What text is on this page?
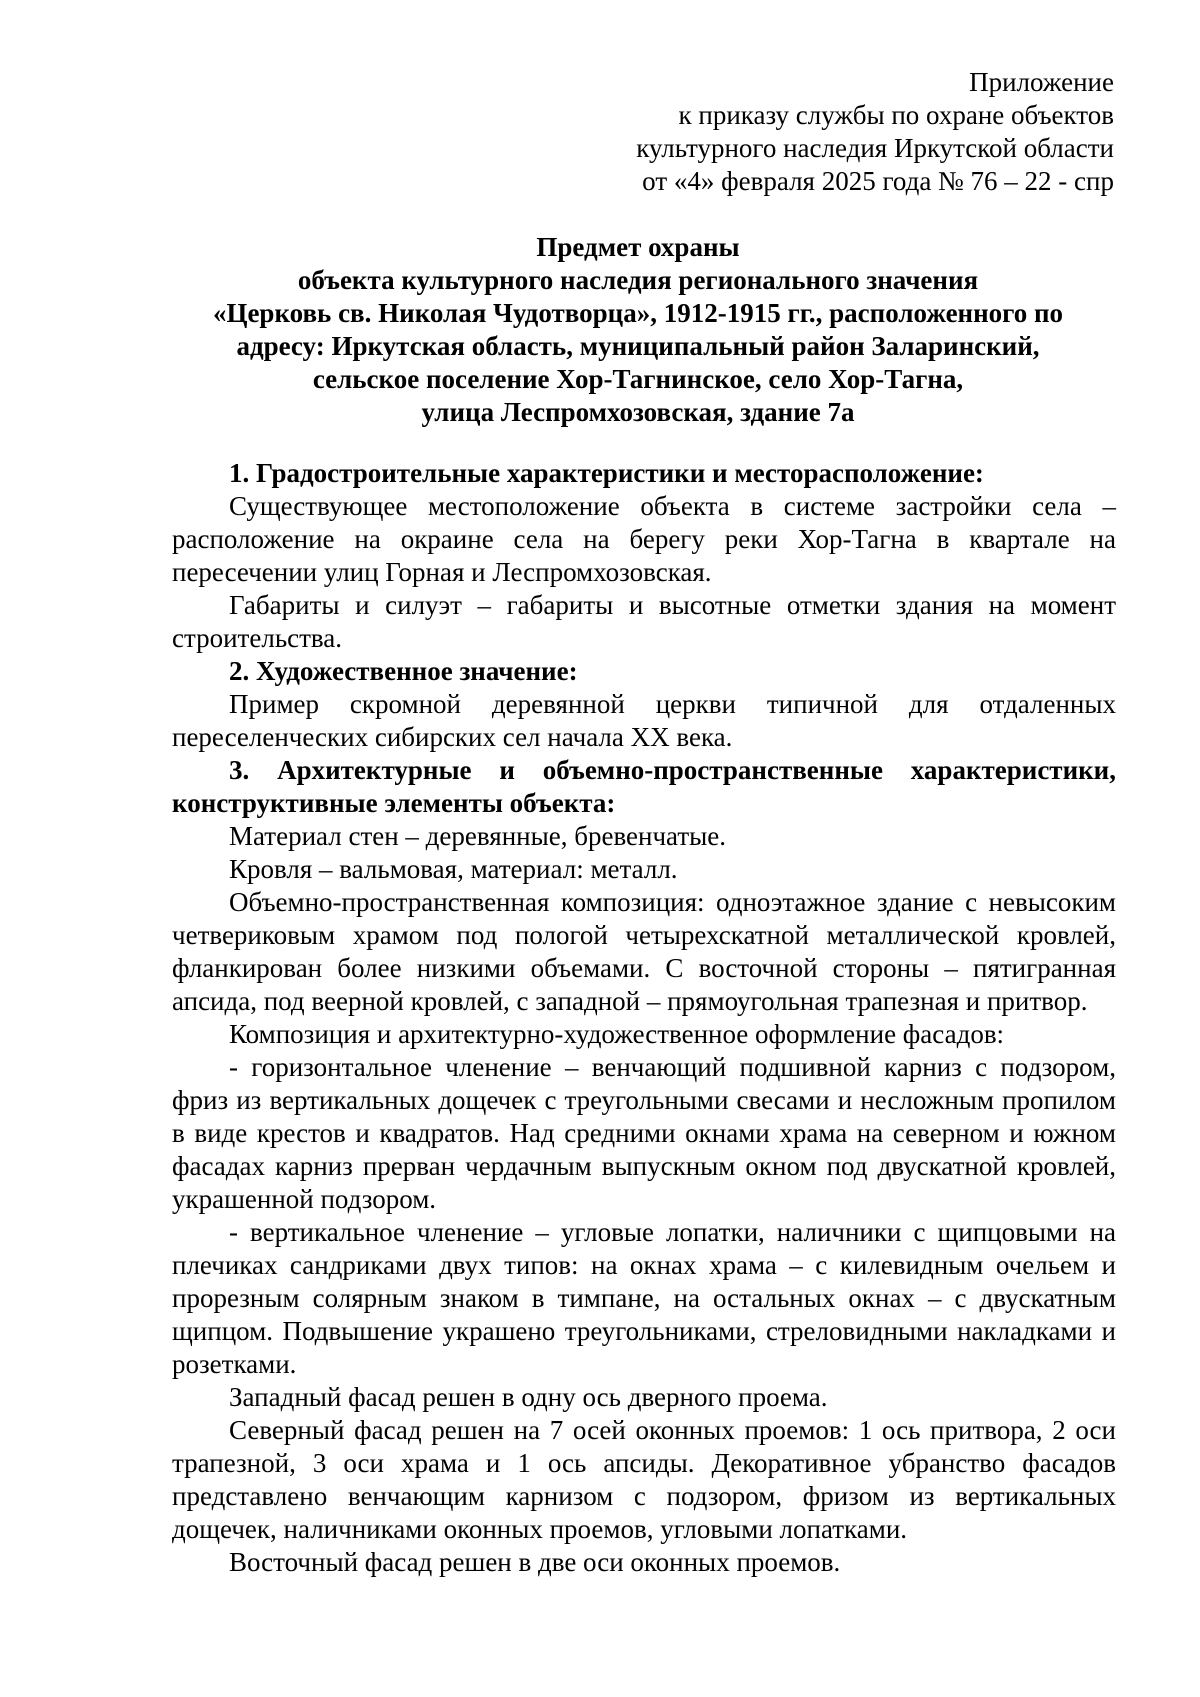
Приложение
к приказу службы по охране объектов
культурного наследия Иркутской области
от «4» февраля 2025 года № 76 – 22 - спр
Предмет охраны
объекта культурного наследия регионального значения
«Церковь св. Николая Чудотворца», 1912-1915 гг., расположенного по
адресу: Иркутская область, муниципальный район Заларинский,
сельское поселение Хор-Тагнинское, село Хор-Тагна,
улица Леспромхозовская, здание 7а

1. Градостроительные характеристики и месторасположение:

Существующее местоположение объекта в системе застройки села – расположение на окраине села на берегу реки Хор-Тагна в квартале на пересечении улиц Горная и Леспромхозовская.

Габариты и силуэт – габариты и высотные отметки здания на момент строительства.

2. Художественное значение:

Пример скромной деревянной церкви типичной для отдаленных переселенческих сибирских сел начала XX века.

3. Архитектурные и объемно-пространственные характеристики, конструктивные элементы объекта:

Материал стен – деревянные, бревенчатые.

Кровля – вальмовая, материал: металл.

Объемно-пространственная композиция: одноэтажное здание с невысоким четвериковым храмом под пологой четырехскатной металлической кровлей, фланкирован более низкими объемами. С восточной стороны – пятигранная апсида, под веерной кровлей, с западной – прямоугольная трапезная и притвор.

Композиция и архитектурно-художественное оформление фасадов:

- горизонтальное членение – венчающий подшивной карниз с подзором, фриз из вертикальных дощечек с треугольными свесами и несложным пропилом в виде крестов и квадратов. Над средними окнами храма на северном и южном фасадах карниз прерван чердачным выпускным окном под двускатной кровлей, украшенной подзором.

- вертикальное членение – угловые лопатки, наличники с щипцовыми на плечиках сандриками двух типов: на окнах храма – с килевидным очельем и прорезным солярным знаком в тимпане, на остальных окнах – с двускатным щипцом. Подвышение украшено треугольниками, стреловидными накладками и розетками.

Западный фасад решен в одну ось дверного проема.

Северный фасад решен на 7 осей оконных проемов: 1 ось притвора, 2 оси трапезной, 3 оси храма и 1 ось апсиды. Декоративное убранство фасадов представлено венчающим карнизом с подзором, фризом из вертикальных дощечек, наличниками оконных проемов, угловыми лопатками.

Восточный фасад решен в две оси оконных проемов.
